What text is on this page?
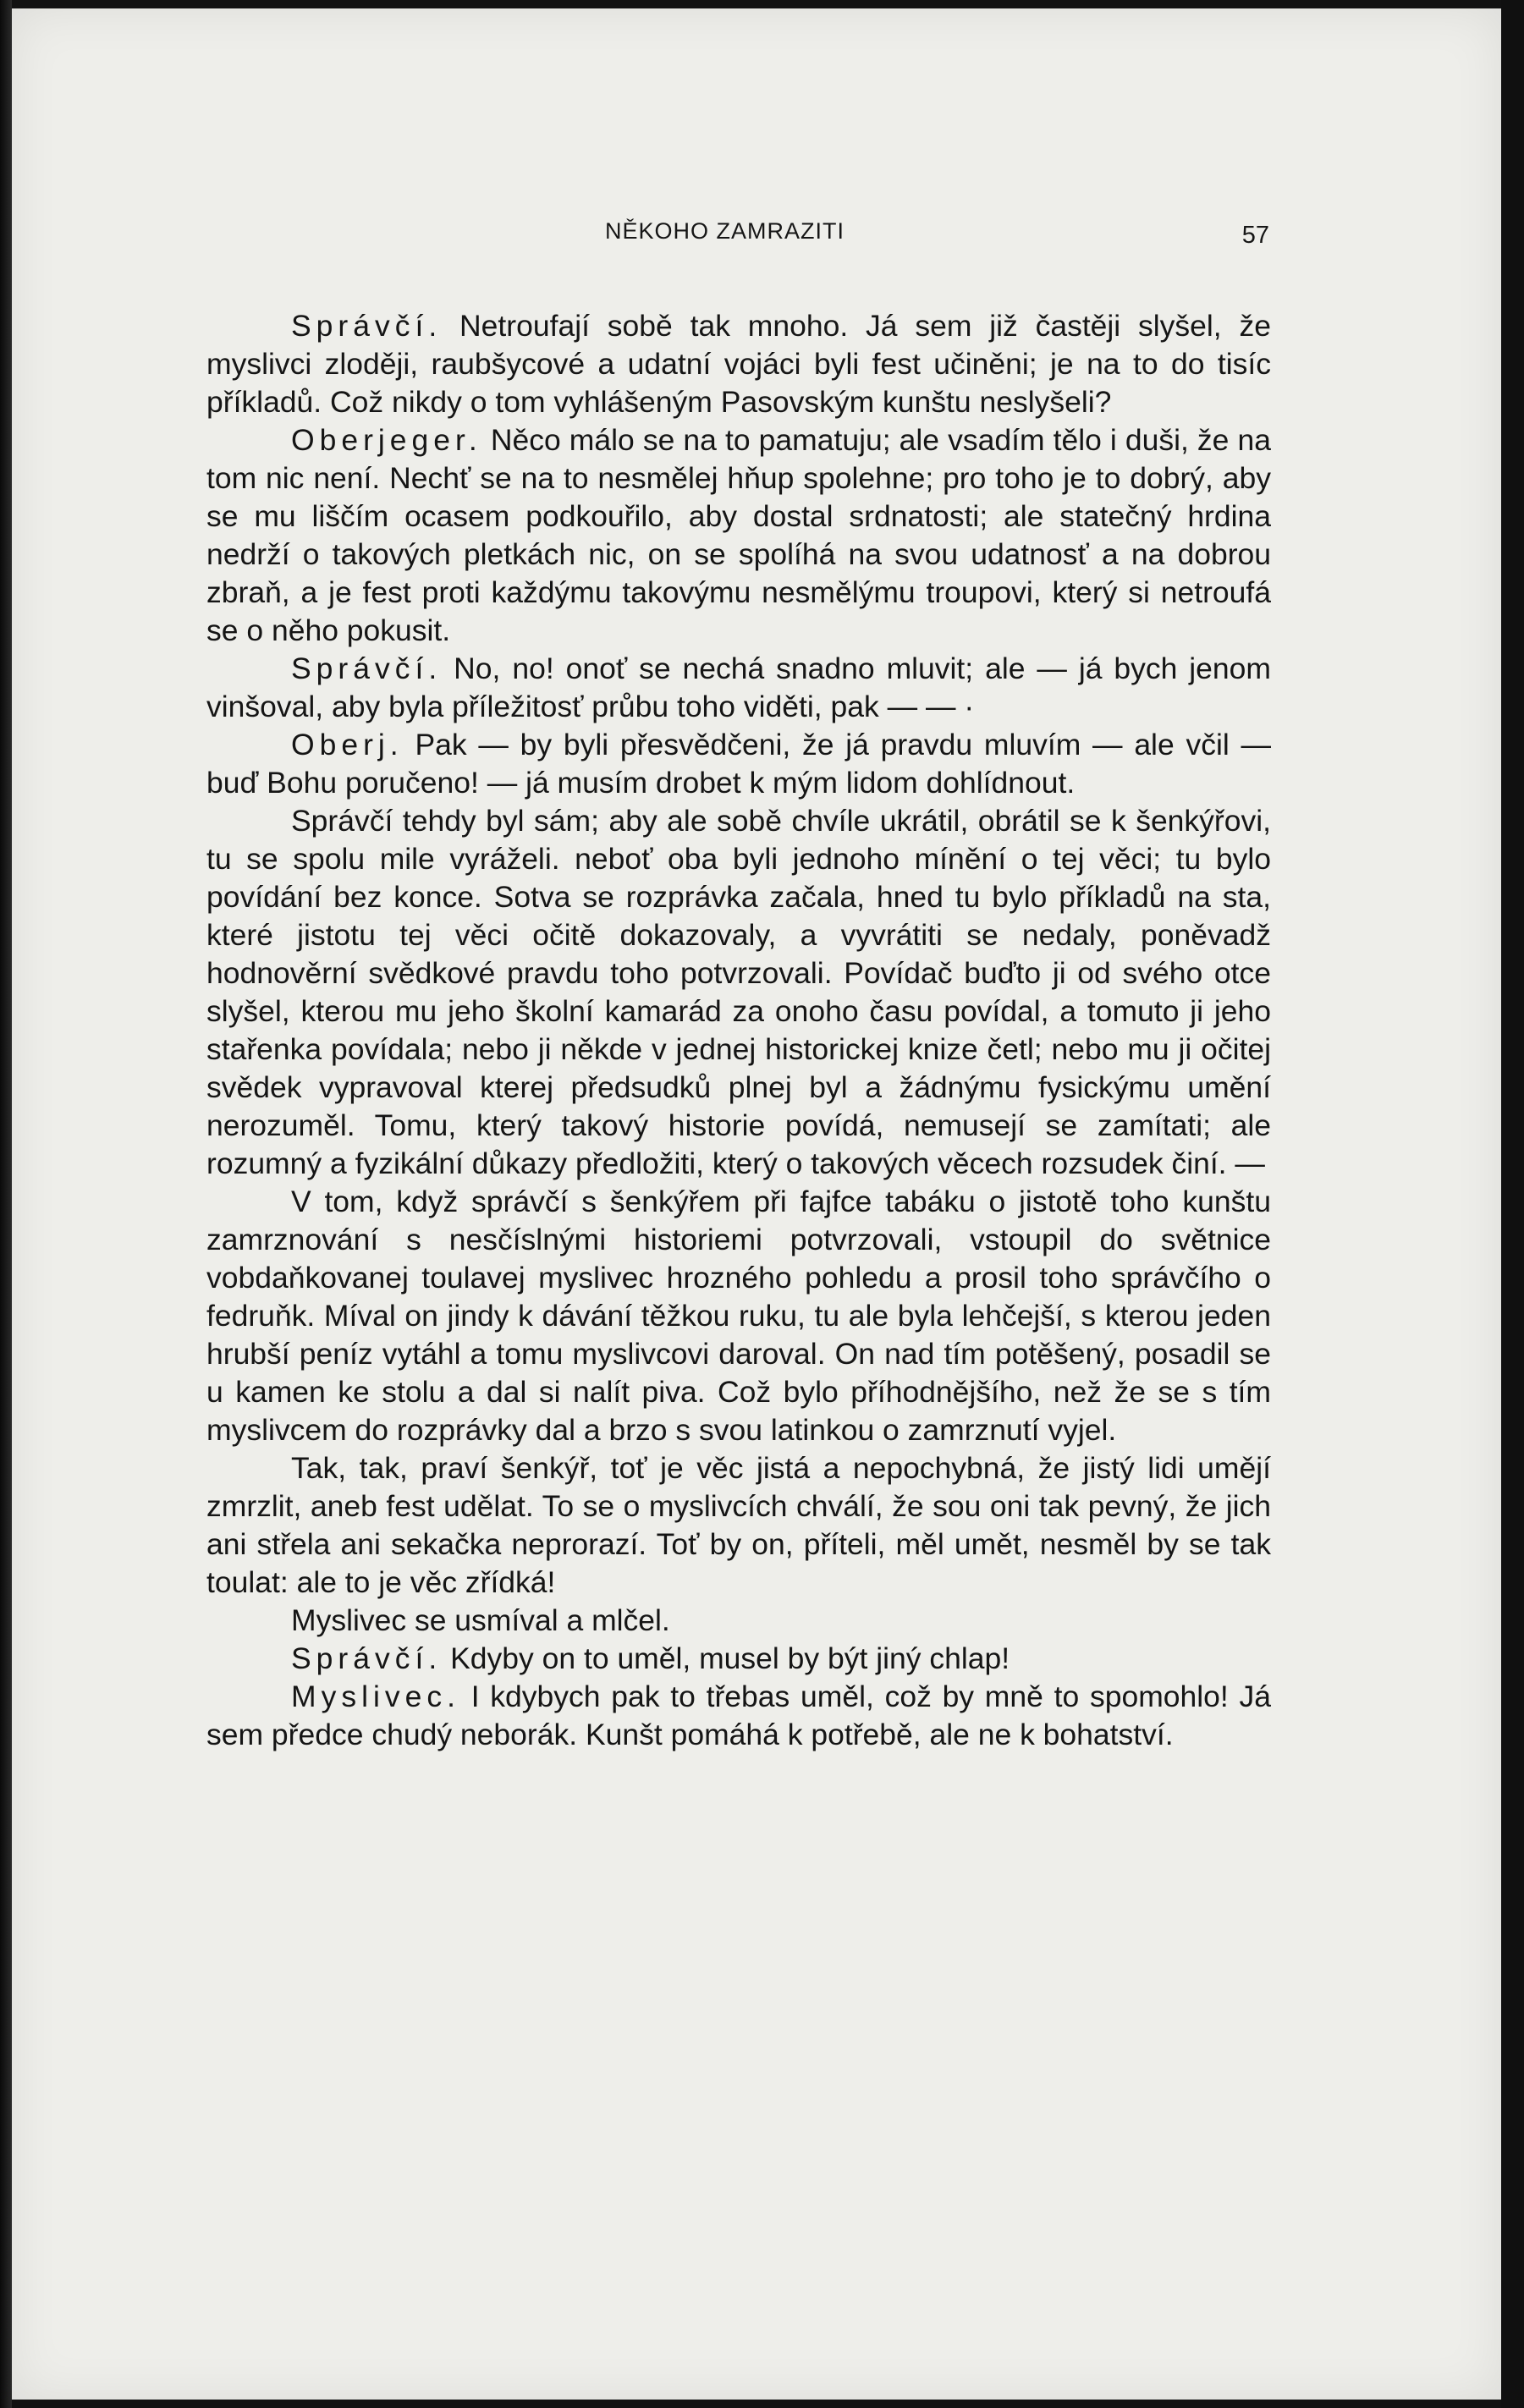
NĚKOHO ZAMRAZITI	57

Správčí. Netroufají sobě tak mnoho. Já sem již častěji slyšel, že myslivci zloději, raubšycové a udatní vojáci byli fest učiněni; je na to do tisíc příkladů. Což nikdy o tom vyhlášeným Pasovským kunštu neslyšeli?

Oberjeger. Něco málo se na to pamatuju; ale vsadím tělo i duši, že na tom nic není. Nechť se na to nesmělej hňup spolehne; pro toho je to dobrý, aby se mu liščím ocasem podkouřilo, aby dostal srdnatosti; ale statečný hrdina nedrží o takových pletkách nic, on se spolíhá na svou udatnosť a na dobrou zbraň, a je fest proti každýmu takovýmu nesmělýmu troupovi, který si netroufá se o něho pokusit.

Správčí. No, no! onoť se nechá snadno mluvit; ale — já bych jenom vinšoval, aby byla příležitosť průbu toho viděti, pak — — ·

Oberj. Pak — by byli přesvědčeni, že já pravdu mluvím — ale včil — buď Bohu poručeno! — já musím drobet k mým lidom dohlídnout.

Správčí tehdy byl sám; aby ale sobě chvíle ukrátil, obrátil se k šenkýřovi, tu se spolu mile vyráželi. neboť oba byli jednoho mínění o tej věci; tu bylo povídání bez konce. Sotva se rozprávka začala, hned tu bylo příkladů na sta, které jistotu tej věci očitě dokazovaly, a vyvrátiti se nedaly, poněvadž hodnověrní svědkové pravdu toho potvrzovali. Povídač buďto ji od svého otce slyšel, kterou mu jeho školní kamarád za onoho času povídal, a tomuto ji jeho stařenka povídala; nebo ji někde v jednej historickej knize četl; nebo mu ji očitej svědek vypravoval kterej předsudků plnej byl a žádnýmu fysickýmu umění nerozuměl. Tomu, který takový historie povídá, nemusejí se zamítati; ale rozumný a fyzikální důkazy předložiti, který o takových věcech rozsudek činí. —

V tom, když správčí s šenkýřem při fajfce tabáku o jistotě toho kunštu zamrznování s nesčíslnými historiemi potvrzovali, vstoupil do světnice vobdaňkovanej toulavej myslivec hrozného pohledu a prosil toho správčího o fedruňk. Míval on jindy k dávání těžkou ruku, tu ale byla lehčejší, s kterou jeden hrubší peníz vytáhl a tomu myslivcovi daroval. On nad tím potěšený, posadil se u kamen ke stolu a dal si nalít piva. Což bylo příhodnějšího, než že se s tím myslivcem do rozprávky dal a brzo s svou latinkou o zamrznutí vyjel.

Tak, tak, praví šenkýř, toť je věc jistá a nepochybná, že jistý lidi umějí zmrzlit, aneb fest udělat. To se o myslivcích chválí, že sou oni tak pevný, že jich ani střela ani sekačka neprorazí. Toť by on, příteli, měl umět, nesměl by se tak toulat: ale to je věc zřídká!

Myslivec se usmíval a mlčel.

Správčí. Kdyby on to uměl, musel by být jiný chlap!

Myslivec. I kdybych pak to třebas uměl, což by mně to spomohlo! Já sem předce chudý neborák. Kunšt pomáhá k potřebě, ale ne k bohatství.
